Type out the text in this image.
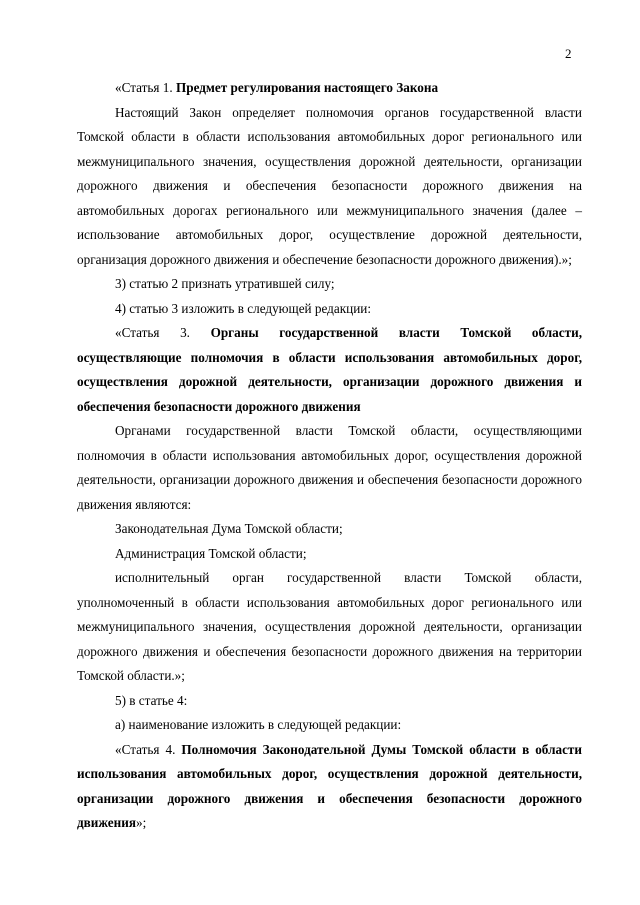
2

«Статья 1. Предмет регулирования настоящего Закона

Настоящий Закон определяет полномочия органов государственной власти Томской области в области использования автомобильных дорог регионального или межмуниципального значения, осуществления дорожной деятельности, организации дорожного движения и обеспечения безопасности дорожного движения на автомобильных дорогах регионального или межмуниципального значения (далее – использование автомобильных дорог, осуществление дорожной деятельности, организация дорожного движения и обеспечение безопасности дорожного движения).»;

3) статью 2 признать утратившей силу;

4) статью 3 изложить в следующей редакции:

«Статья 3. Органы государственной власти Томской области, осуществляющие полномочия в области использования автомобильных дорог, осуществления дорожной деятельности, организации дорожного движения и обеспечения безопасности дорожного движения

Органами государственной власти Томской области, осуществляющими полномочия в области использования автомобильных дорог, осуществления дорожной деятельности, организации дорожного движения и обеспечения безопасности дорожного движения являются:

Законодательная Дума Томской области;

Администрация Томской области;

исполнительный орган государственной власти Томской области, уполномоченный в области использования автомобильных дорог регионального или межмуниципального значения, осуществления дорожной деятельности, организации дорожного движения и обеспечения безопасности дорожного движения на территории Томской области.»;

5) в статье 4:

а) наименование изложить в следующей редакции:

«Статья 4. Полномочия Законодательной Думы Томской области в области использования автомобильных дорог, осуществления дорожной деятельности, организации дорожного движения и обеспечения безопасности дорожного движения»;
